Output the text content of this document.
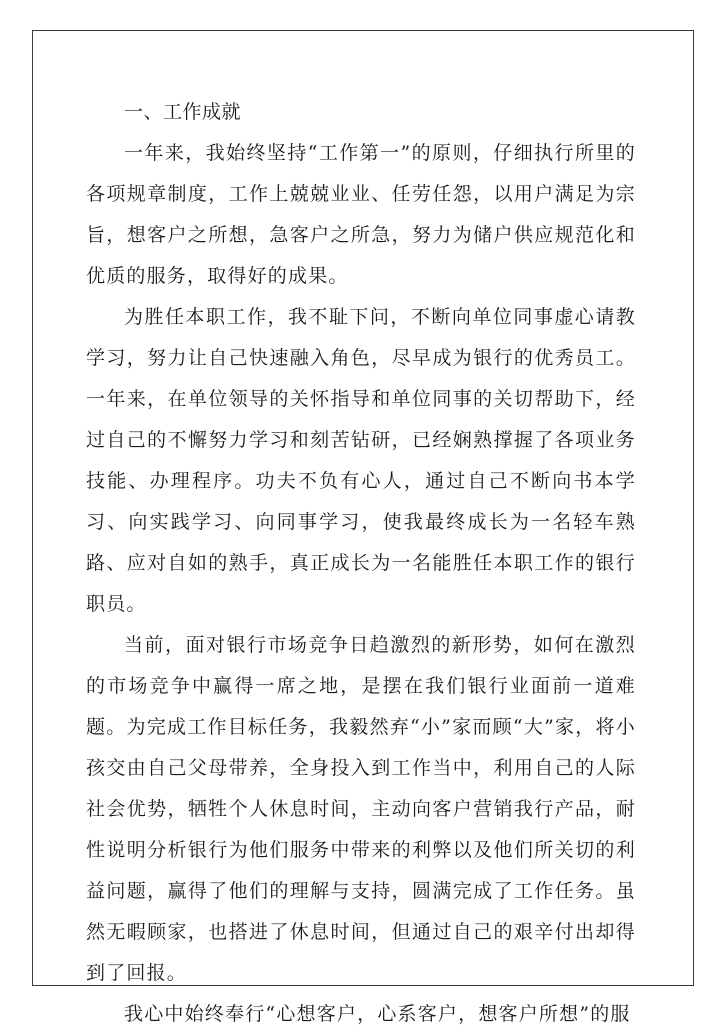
一、工作成就

一年来，我始终坚持“工作第一”的原则，仔细执行所里的各项规章制度，工作上兢兢业业、任劳任怨，以用户满足为宗旨，想客户之所想，急客户之所急，努力为储户供应规范化和优质的服务，取得好的成果。

为胜任本职工作，我不耻下问，不断向单位同事虚心请教学习，努力让自己快速融入角色，尽早成为银行的优秀员工。一年来，在单位领导的关怀指导和单位同事的关切帮助下，经过自己的不懈努力学习和刻苦钻研，已经娴熟撑握了各项业务技能、办理程序。功夫不负有心人，通过自己不断向书本学习、向实践学习、向同事学习，使我最终成长为一名轻车熟路、应对自如的熟手，真正成长为一名能胜任本职工作的银行职员。

当前，面对银行市场竞争日趋激烈的新形势，如何在激烈的市场竞争中赢得一席之地，是摆在我们银行业面前一道难题。为完成工作目标任务，我毅然弃“小”家而顾“大”家，将小孩交由自己父母带养，全身投入到工作当中，利用自己的人际社会优势，牺牲个人休息时间，主动向客户营销我行产品，耐性说明分析银行为他们服务中带来的利弊以及他们所关切的利益问题，赢得了他们的理解与支持，圆满完成了工作任务。虽然无暇顾家，也搭进了休息时间，但通过自己的艰辛付出却得到了回报。

我心中始终奉行“心想客户，心系客户，想客户所想”的服
